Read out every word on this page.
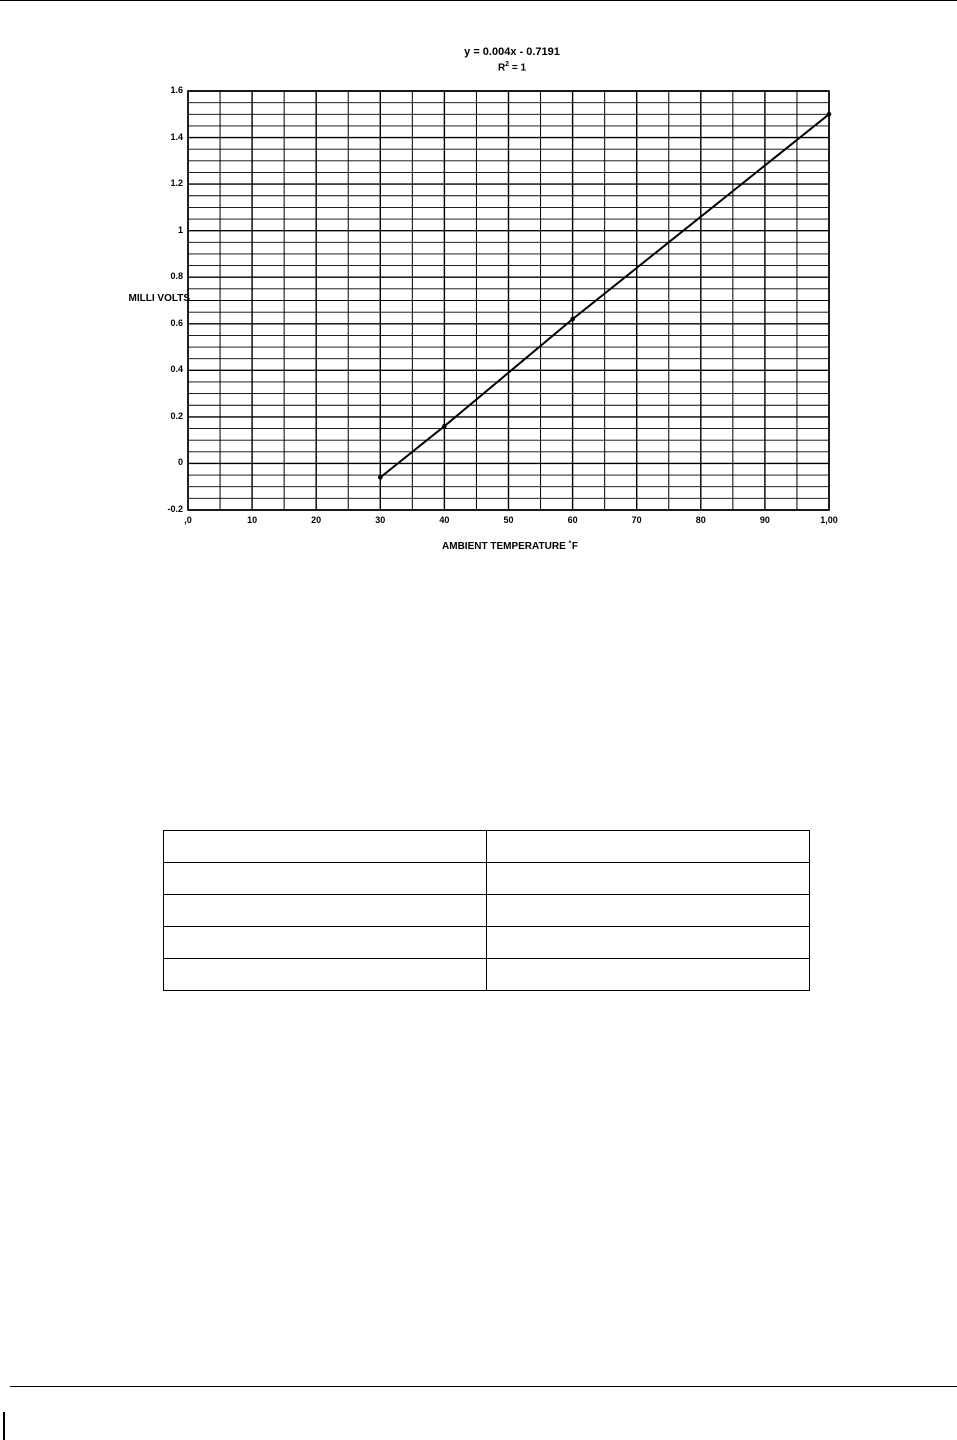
y = 0.004x - 0.7191
$R^2 = 1$
MILLI VOLTS
AMBIENT TEMPERATURE ˚F
1.6
1.4
1.2
1
0.8
0.6
0.4
0.2
0
-0.2
,0	10	20	30	40	50	60	70	80	90	1,00
